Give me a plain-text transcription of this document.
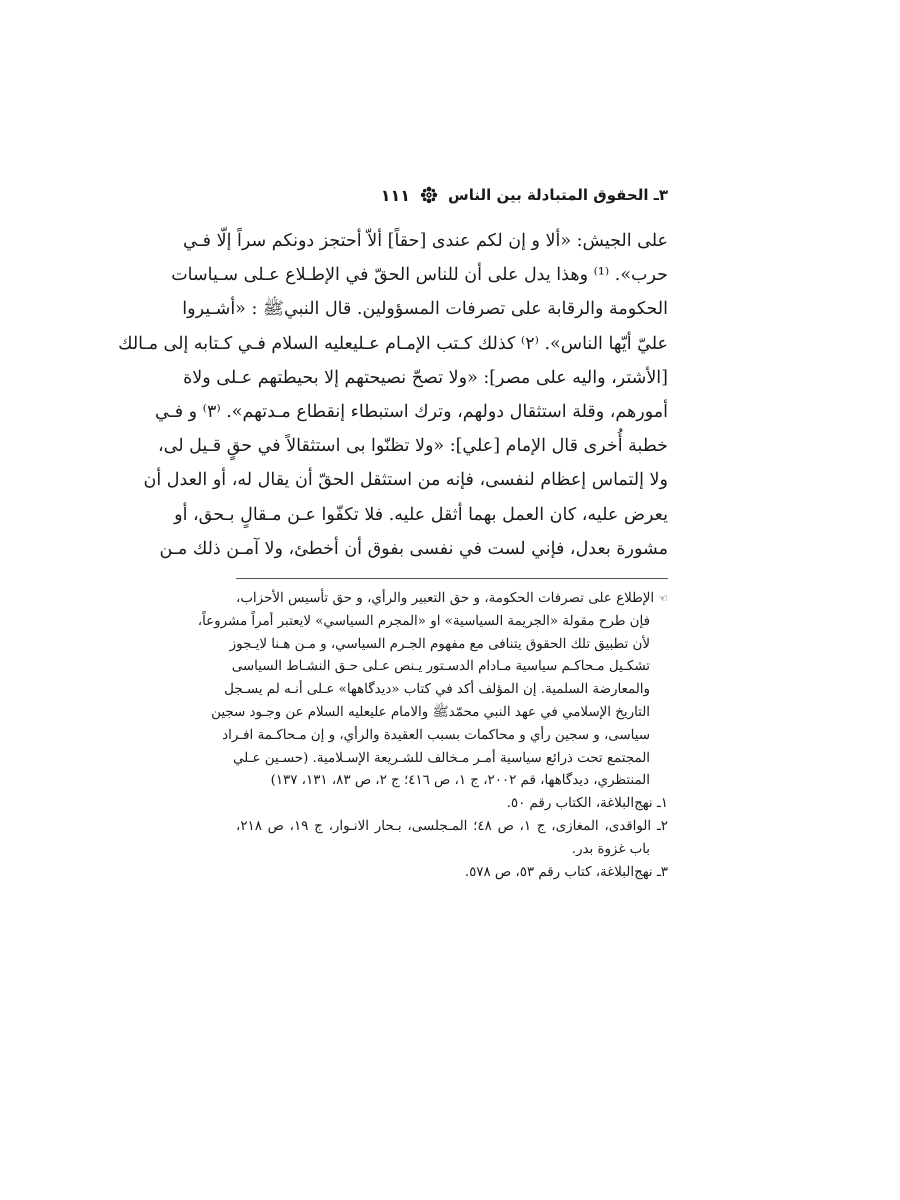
٣ـ الحقوق المتبادلة بين الناس
١١١
على الجيش: «ألا و إن لكم عندى [حقاً] ألاّ أحتجز دونكم سراً إلّا فـي
حرب». ⁽¹⁾ وهذا يدل على أن للناس الحقّ في الإطـلاع عـلى سـياسات
الحكومة والرقابة على تصرفات المسؤولين. قال النبيﷺ : «أشـيروا
عليّ أيّها الناس». ⁽٢⁾ كذلك كـتب الإمـام عـليعليه السلام فـي كـتابه إلى مـالك
[الأشتر، واليه على مصر]: «ولا تصحّ نصيحتهم إلا بحيطتهم عـلى ولاة
أمورهم، وقلة استثقال دولهم، وترك استبطاء إنقطاع مـدتهم». ⁽٣⁾ و فـي
خطبة أُخرى قال الإمام [علي]: «ولا تظنّوا بى استثقالاً في حقٍ قـيل لى،
ولا إلتماس إعظام لنفسى، فإنه من استثقل الحقّ أن يقال له، أو العدل أن
يعرض عليه، كان العمل بهما أثقل عليه. فلا تكفّوا عـن مـقالٍ بـحق، أو
مشورة بعدل، فإني لست في نفسى بفوق أن أخطئ، ولا آمـن ذلك مـن
☜الإطلاع على تصرفات الحكومة، و حق التعبير والرأي، و حق تأسيس الأحزاب،
فإن طرح مقولة «الجريمة السياسية» او «المجرم السياسي» لايعتبر أمراً مشروعاً،
لأن تطبيق تلك الحقوق يتنافى مع مفهوم الجـرم السياسي، و مـن هـنا لايـجوز
تشكـيل مـحاكـم سياسية مـادام الدسـتور يـنص عـلى حـق النشـاط السياسى
والمعارضة السلمية. إن المؤلف أكد في كتاب «ديدگاهها» عـلى أنـه لم يسـجل
التاريخ الإسلامي في عهد النبي محمّدﷺ والامام عليعليه السلام عن وجـود سجين
سياسى، و سجين رأي و محاكمات بسبب العقيدة والرأي، و إن مـحاكـمة افـراد
المجتمع تحت ذرائع سياسية أمـر مـخالف للشـريعة الإسـلامية. (حسـين عـلي
المنتظري، ديدگاهها، قم ٢٠٠٢، ج ١، ص ٤١٦؛ ج ٢، ص ٨٣، ١٣١، ١٣٧)
١ـ نهج‌البلاغة، الكتاب رقم ٥٠.
٢ـ الواقدى، المغازى، ج ١، ص ٤٨؛ المـجلسى، بـحار الانـوار، ج ١٩، ص ٢١٨،
باب غزوة بدر.
٣ـ نهج‌البلاغة، كتاب رقم ٥٣، ص ٥٧٨.
